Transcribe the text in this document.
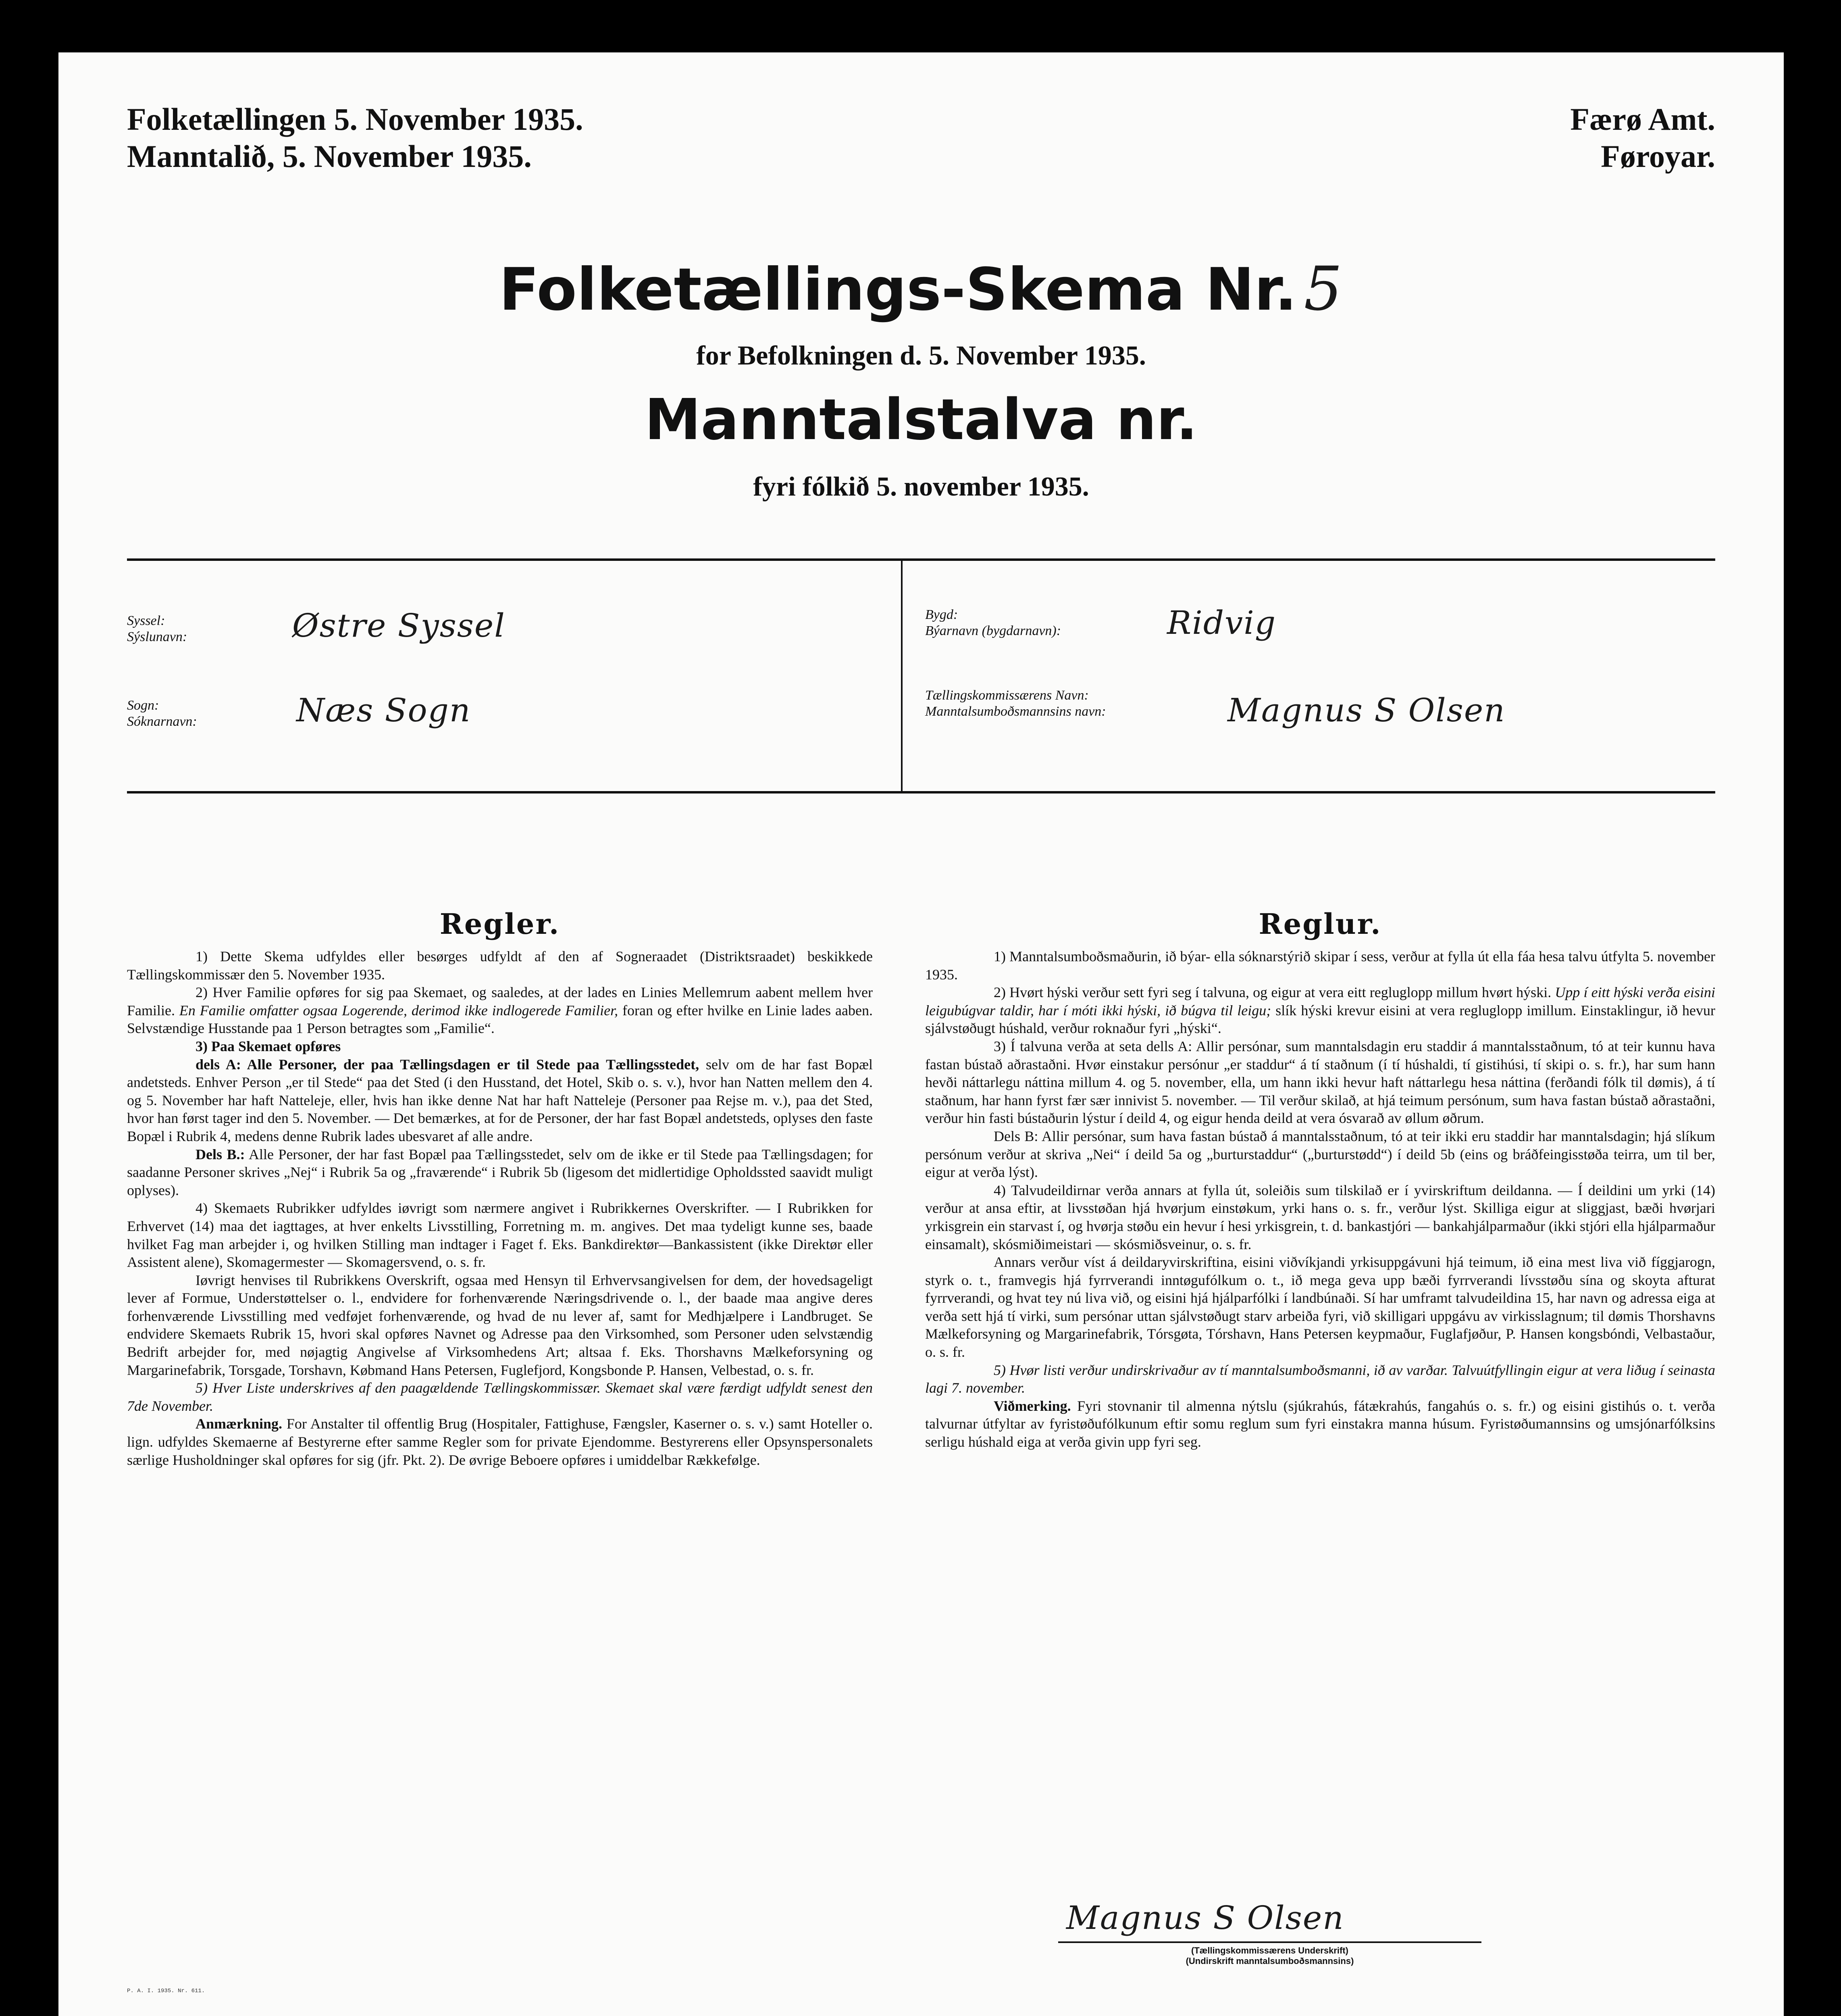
Folketællingen 5. November 1935.
Manntalið, 5. November 1935.
Færø Amt.
Føroyar.
Folketællings-Skema Nr. 5
for Befolkningen d. 5. November 1935.
Manntalstalva nr.
fyri fólkið 5. november 1935.
Syssel:
Sýslunavn:	Østre Syssel
Sogn:
Sóknarnavn:	Næs Sogn
Bygd:
Býarnavn (bygdarnavn):	Ridvig
Tællingskommissærens Navn:
Manntalsumboðsmannsins navn:	Magnus S Olsen
Regler.

1) Dette Skema udfyldes eller besørges udfyldt af den af Sogneraadet (Distriktsraadet) beskikkede Tællingskommissær den 5. November 1935.

2) Hver Familie opføres for sig paa Skemaet, og saaledes, at der lades en Linies Mellemrum aabent mellem hver Familie. En Familie omfatter ogsaa Logerende, derimod ikke indlogerede Familier, foran og efter hvilke en Linie lades aaben. Selvstændige Husstande paa 1 Person betragtes som „Familie“.

3) Paa Skemaet opføres

dels A: Alle Personer, der paa Tællingsdagen er til Stede paa Tællingsstedet, selv om de har fast Bopæl andetsteds. Enhver Person „er til Stede“ paa det Sted (i den Husstand, det Hotel, Skib o. s. v.), hvor han Natten mellem den 4. og 5. November har haft Natteleje, eller, hvis han ikke denne Nat har haft Natteleje (Personer paa Rejse m. v.), paa det Sted, hvor han først tager ind den 5. November. — Det bemærkes, at for de Personer, der har fast Bopæl andetsteds, oplyses den faste Bopæl i Rubrik 4, medens denne Rubrik lades ubesvaret af alle andre.

Dels B.: Alle Personer, der har fast Bopæl paa Tællingsstedet, selv om de ikke er til Stede paa Tællingsdagen; for saadanne Personer skrives „Nej“ i Rubrik 5a og „fraværende“ i Rubrik 5b (ligesom det midlertidige Opholdssted saavidt muligt oplyses).

4) Skemaets Rubrikker udfyldes iøvrigt som nærmere angivet i Rubrikkernes Overskrifter. — I Rubrikken for Erhvervet (14) maa det iagttages, at hver enkelts Livsstilling, Forretning m. m. angives. Det maa tydeligt kunne ses, baade hvilket Fag man arbejder i, og hvilken Stilling man indtager i Faget f. Eks. Bankdirektør—Bankassistent (ikke Direktør eller Assistent alene), Skomagermester — Skomagersvend, o. s. fr.

Iøvrigt henvises til Rubrikkens Overskrift, ogsaa med Hensyn til Erhvervsangivelsen for dem, der hovedsageligt lever af Formue, Understøttelser o. l., endvidere for forhenværende Næringsdrivende o. l., der baade maa angive deres forhenværende Livsstilling med vedføjet forhenværende, og hvad de nu lever af, samt for Medhjælpere i Landbruget. Se endvidere Skemaets Rubrik 15, hvori skal opføres Navnet og Adresse paa den Virksomhed, som Personer uden selvstændig Bedrift arbejder for, med nøjagtig Angivelse af Virksomhedens Art; altsaa f. Eks. Thorshavns Mælkeforsyning og Margarinefabrik, Torsgade, Torshavn, Købmand Hans Petersen, Fuglefjord, Kongsbonde P. Hansen, Velbestad, o. s. fr.

5) Hver Liste underskrives af den paagældende Tællingskommissær. Skemaet skal være færdigt udfyldt senest den 7de November.

Anmærkning. For Anstalter til offentlig Brug (Hospitaler, Fattighuse, Fængsler, Kaserner o. s. v.) samt Hoteller o. lign. udfyldes Skemaerne af Bestyrerne efter samme Regler som for private Ejendomme. Bestyrerens eller Opsynspersonalets særlige Husholdninger skal opføres for sig (jfr. Pkt. 2). De øvrige Beboere opføres i umiddelbar Rækkefølge.

Reglur.

1) Manntalsumboðsmaðurin, ið býar- ella sóknarstýrið skipar í sess, verður at fylla út ella fáa hesa talvu útfylta 5. november 1935.

2) Hvørt hýski verður sett fyri seg í talvuna, og eigur at vera eitt regluglopp millum hvørt hýski. Upp í eitt hýski verða eisini leigubúgvar taldir, har í móti ikki hýski, ið búgva til leigu; slík hýski krevur eisini at vera regluglopp imillum. Einstaklingur, ið hevur sjálvstøðugt húshald, verður roknaður fyri „hýski“.

3) Í talvuna verða at seta dells A: Allir persónar, sum manntalsdagin eru staddir á manntalsstaðnum, tó at teir kunnu hava fastan bústað aðrastaðni. Hvør einstakur persónur „er staddur“ á tí staðnum (í tí húshaldi, tí gistihúsi, tí skipi o. s. fr.), har sum hann hevði náttarlegu náttina millum 4. og 5. november, ella, um hann ikki hevur haft náttarlegu hesa náttina (ferðandi fólk til dømis), á tí staðnum, har hann fyrst fær sær innivist 5. november. — Til verður skilað, at hjá teimum persónum, sum hava fastan bústað aðrastaðni, verður hin fasti bústaðurin lýstur í deild 4, og eigur henda deild at vera ósvarað av øllum øðrum.

Dels B: Allir persónar, sum hava fastan bústað á manntalsstaðnum, tó at teir ikki eru staddir har manntalsdagin; hjá slíkum persónum verður at skriva „Nei“ í deild 5a og „burturstaddur“ („burturstødd“) í deild 5b (eins og bráðfeingisstøða teirra, um til ber, eigur at verða lýst).

4) Talvudeildirnar verða annars at fylla út, soleiðis sum tilskilað er í yvirskriftum deildanna. — Í deildini um yrki (14) verður at ansa eftir, at livsstøðan hjá hvørjum einstøkum, yrki hans o. s. fr., verður lýst. Skilliga eigur at sliggjast, bæði hvørjari yrkisgrein ein starvast í, og hvørja støðu ein hevur í hesi yrkisgrein, t. d. bankastjóri — bankahjálparmaður (ikki stjóri ella hjálparmaður einsamalt), skósmiðimeistari — skósmiðsveinur, o. s. fr.

Annars verður víst á deildaryvirskriftina, eisini viðvíkjandi yrkisuppgávuni hjá teimum, ið eina mest liva við fíggjarogn, styrk o. t., framvegis hjá fyrrverandi inntøgufólkum o. t., ið mega geva upp bæði fyrrverandi lívsstøðu sína og skoyta afturat fyrrverandi, og hvat tey nú liva við, og eisini hjá hjálparfólki í landbúnaði. Sí har umframt talvudeildina 15, har navn og adressa eiga at verða sett hjá tí virki, sum persónar uttan sjálvstøðugt starv arbeiða fyri, við skilligari uppgávu av virkisslagnum; til dømis Thorshavns Mælkeforsyning og Margarinefabrik, Tórsgøta, Tórshavn, Hans Petersen keypmaður, Fuglafjøður, P. Hansen kongsbóndi, Velbastaður, o. s. fr.

5) Hvør listi verður undirskrivaður av tí manntalsumboðsmanni, ið av varðar. Talvuútfyllingin eigur at vera liðug í seinasta lagi 7. november.

Viðmerking. Fyri stovnanir til almenna nýtslu (sjúkrahús, fátækrahús, fangahús o. s. fr.) og eisini gistihús o. t. verða talvurnar útfyltar av fyristøðufólkunum eftir somu reglum sum fyri einstakra manna húsum. Fyristøðumannsins og umsjónarfólksins serligu húshald eiga at verða givin upp fyri seg.

Magnus S Olsen
(Tællingskommissærens Underskrift)
(Undirskrift manntalsumboðsmannsins)
P. A. I. 1935. Nr. 611.
